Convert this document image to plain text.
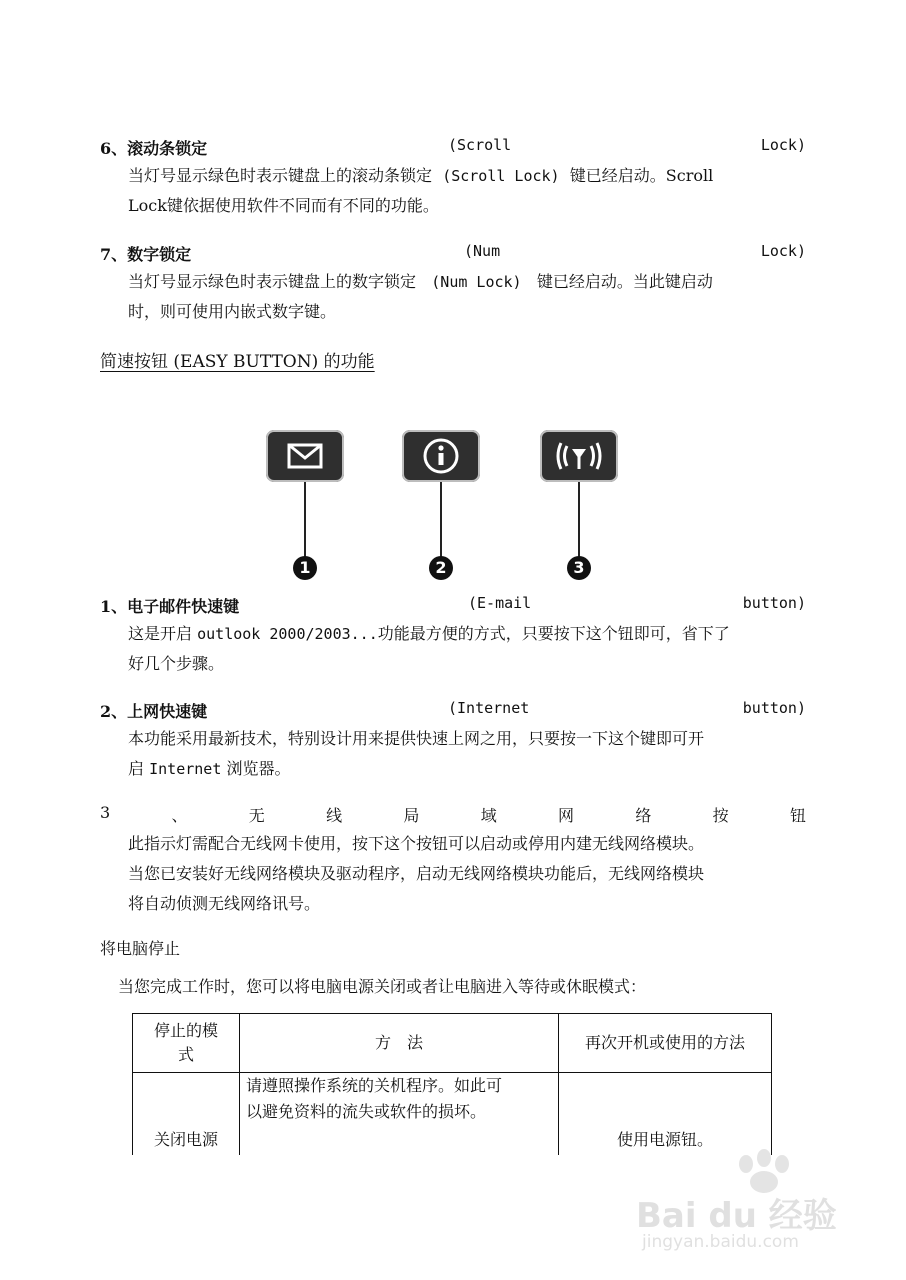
6、滚动条锁定	(Scroll	Lock)
当灯号显示绿色时表示键盘上的滚动条锁定 (Scroll Lock) 键已经启动。Scroll
Lock键依据使用软件不同而有不同的功能。
7、数字锁定	(Num	Lock)
当灯号显示绿色时表示键盘上的数字锁定 (Num Lock) 键已经启动。当此键启动
时，则可使用内嵌式数字键。
简速按钮 (EASY BUTTON) 的功能
1	2	3
1、电子邮件快速键	(E-mail	button)
这是开启 outlook 2000/2003...功能最方便的方式，只要按下这个钮即可，省下了
好几个步骤。
2、上网快速键	(Internet	button)
本功能采用最新技术，特别设计用来提供快速上网之用，只要按一下这个键即可开
启 Internet 浏览器。
3	、	无	线	局	域	网	络	按	钮
此指示灯需配合无线网卡使用，按下这个按钮可以启动或停用内建无线网络模块。
当您已安装好无线网络模块及驱动程序，启动无线网络模块功能后，无线网络模块
将自动侦测无线网络讯号。
将电脑停止
当您完成工作时，您可以将电脑电源关闭或者让电脑进入等待或休眠模式：
停止的模
式	方　法	再次开机或使用的方法

关闭电源	请遵照操作系统的关机程序。如此可
以避免资料的流失或软件的损坏。	使用电源钮。
Bai du 经验
jingyan.baidu.com
